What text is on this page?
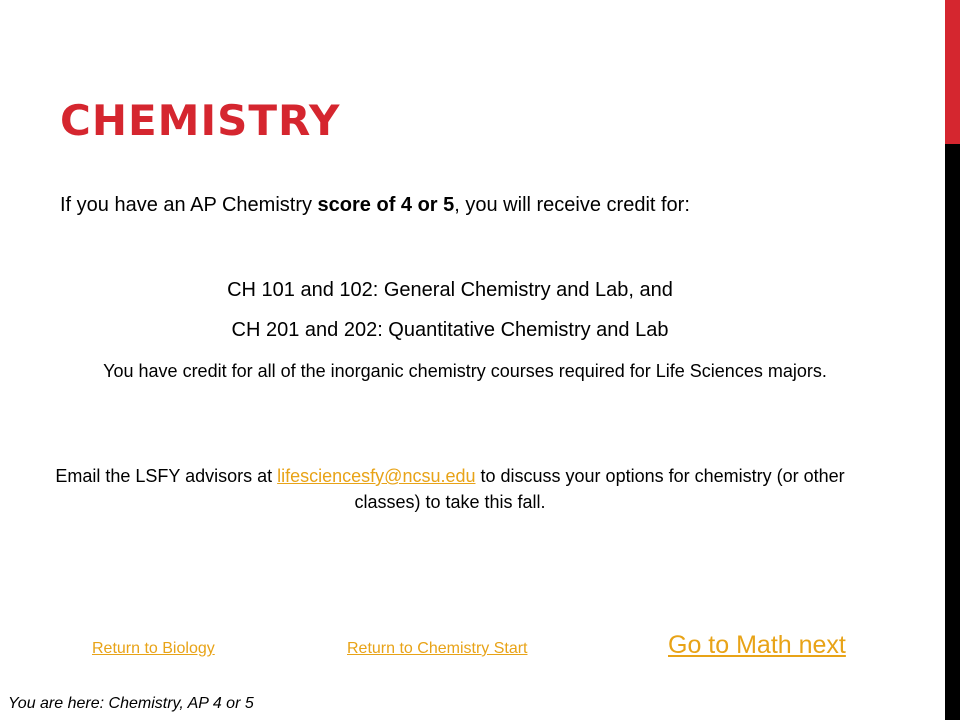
CHEMISTRY
If you have an AP Chemistry score of 4 or 5, you will receive credit for:
CH 101 and 102: General Chemistry and Lab, and
CH 201 and 202: Quantitative Chemistry and Lab
You have credit for all of the inorganic chemistry courses required for Life Sciences majors.
Email the LSFY advisors at lifesciencesfy@ncsu.edu to discuss your options for chemistry (or other classes) to take this fall.
Return to Biology	Return to Chemistry Start	Go to Math next
You are here: Chemistry, AP 4 or 5
